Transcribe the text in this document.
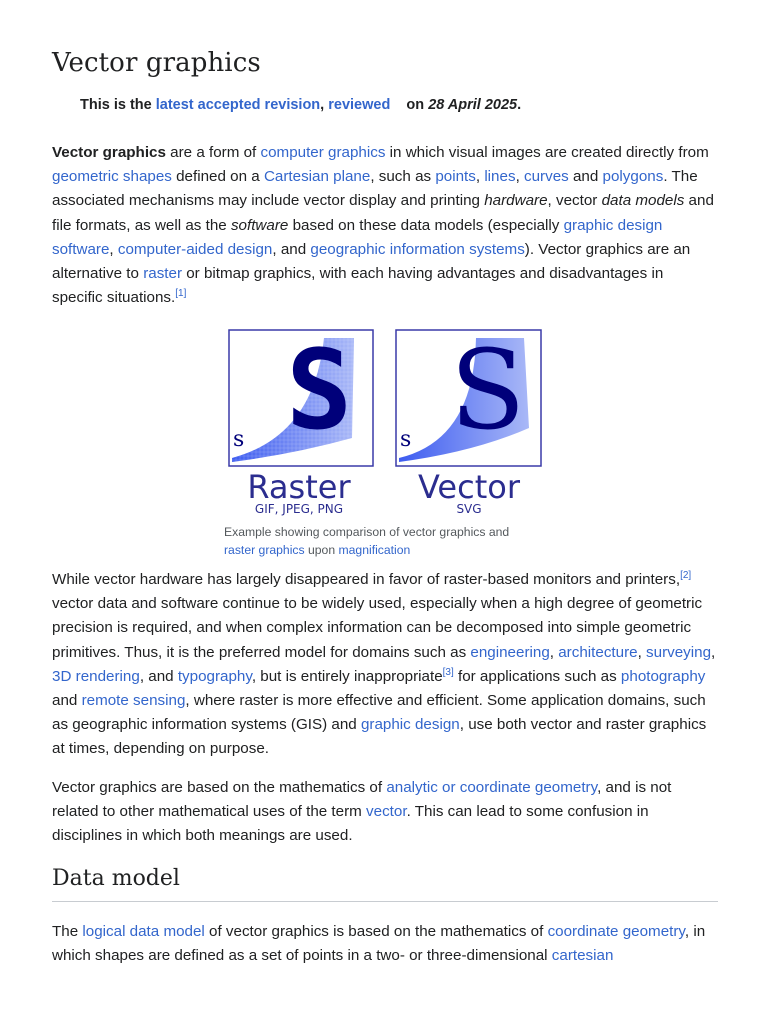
Vector graphics
This is the latest accepted revision, reviewed    on 28 April 2025.

Vector graphics are a form of computer graphics in which visual images are created directly from geometric shapes defined on a Cartesian plane, such as points, lines, curves and polygons. The associated mechanisms may include vector display and printing hardware, vector data models and file formats, as well as the software based on these data models (especially graphic design software, computer-aided design, and geographic information systems). Vector graphics are an alternative to raster or bitmap graphics, with each having advantages and disadvantages in specific situations.[1]

S
s S
s
Raster
GIF, JPEG, PNG
Vector
SVG
Example showing comparison of vector graphics and raster graphics upon magnification

While vector hardware has largely disappeared in favor of raster-based monitors and printers,[2] vector data and software continue to be widely used, especially when a high degree of geometric precision is required, and when complex information can be decomposed into simple geometric primitives. Thus, it is the preferred model for domains such as engineering, architecture, surveying, 3D rendering, and typography, but is entirely inappropriate[3] for applications such as photography and remote sensing, where raster is more effective and efficient. Some application domains, such as geographic information systems (GIS) and graphic design, use both vector and raster graphics at times, depending on purpose.

Vector graphics are based on the mathematics of analytic or coordinate geometry, and is not related to other mathematical uses of the term vector. This can lead to some confusion in disciplines in which both meanings are used.

Data model

The logical data model of vector graphics is based on the mathematics of coordinate geometry, in which shapes are defined as a set of points in a two- or three-dimensional cartesian
